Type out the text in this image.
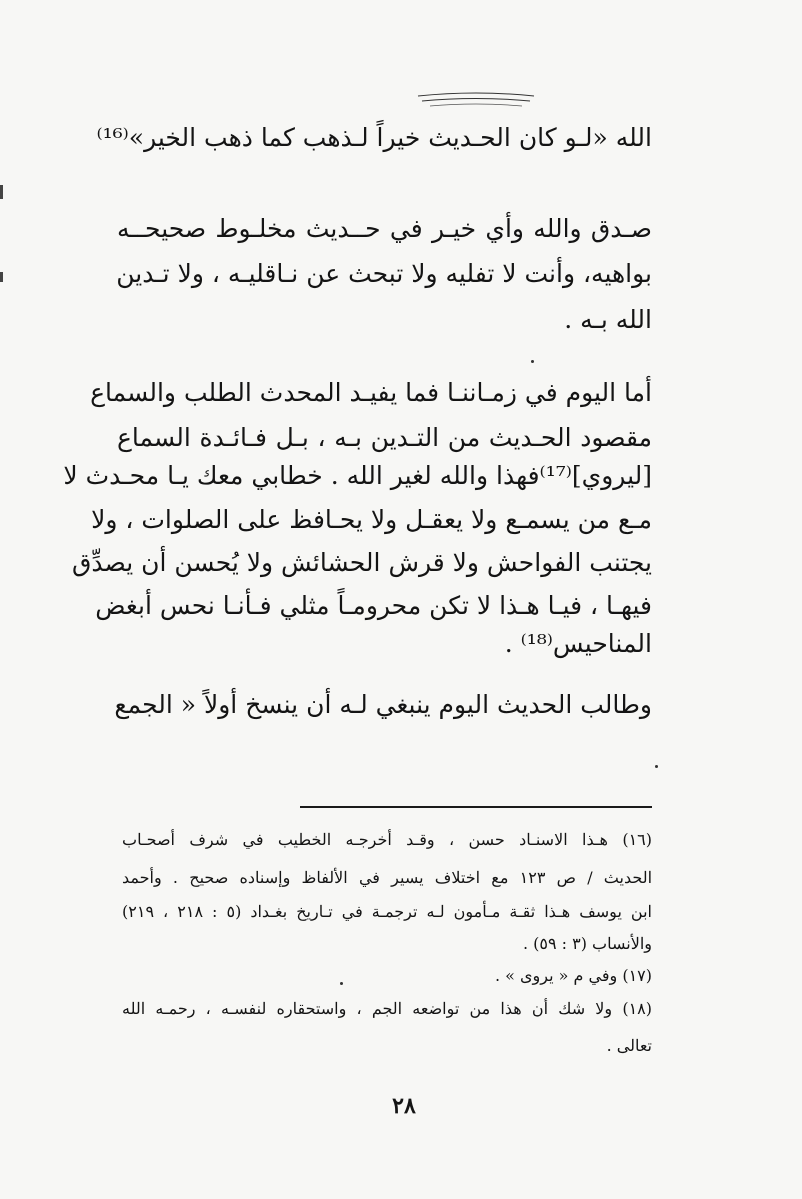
الله «لـو كان الحـديث خيراً لـذهب كما ذهب الخير»⁽¹⁶⁾
صـدق والله وأي خيـر في حــديث مخلـوط صحيحــه
بواهيه، وأنت لا تفليه ولا تبحث عن نـاقليـه ، ولا تـدين
الله بـه .
أما اليوم في زمـاننـا فما يفيـد المحدث الطلب والسماع
مقصود الحـديث من التـدين بـه ، بـل فـائـدة السماع
[ليروي]⁽¹⁷⁾فهذا والله لغير الله . خطابي معك يـا محـدث لا
مـع من يسمـع ولا يعقـل ولا يحـافظ على الصلوات ، ولا
يجتنب الفواحش ولا قرش الحشائش ولا يُحسن أن يصدِّق
فيهـا ، فيـا هـذا لا تكن محرومـاً مثلي فـأنـا نحس أبغض
المناحيس⁽¹⁸⁾ .
وطالب الحديث اليوم ينبغي لـه أن ينسخ أولاً « الجمع
(١٦) هـذا الاسنـاد حسن ، وقـد أخرجـه الخطيب في شرف أصحـاب
الحديث / ص ١٢٣ مع اختلاف يسير في الألفاظ وإسناده صحيح . وأحمد
ابن يوسف هـذا ثقـة مـأمون لـه ترجمـة في تـاريخ بغـداد (٥ : ٢١٨ ، ٢١٩)
والأنساب (٣ : ٥٩) .
(١٧) وفي م « يروى » .
(١٨) ولا شك أن هذا من تواضعه الجم ، واستحقاره لنفسـه ، رحمـه الله
تعالى .
٢٨
